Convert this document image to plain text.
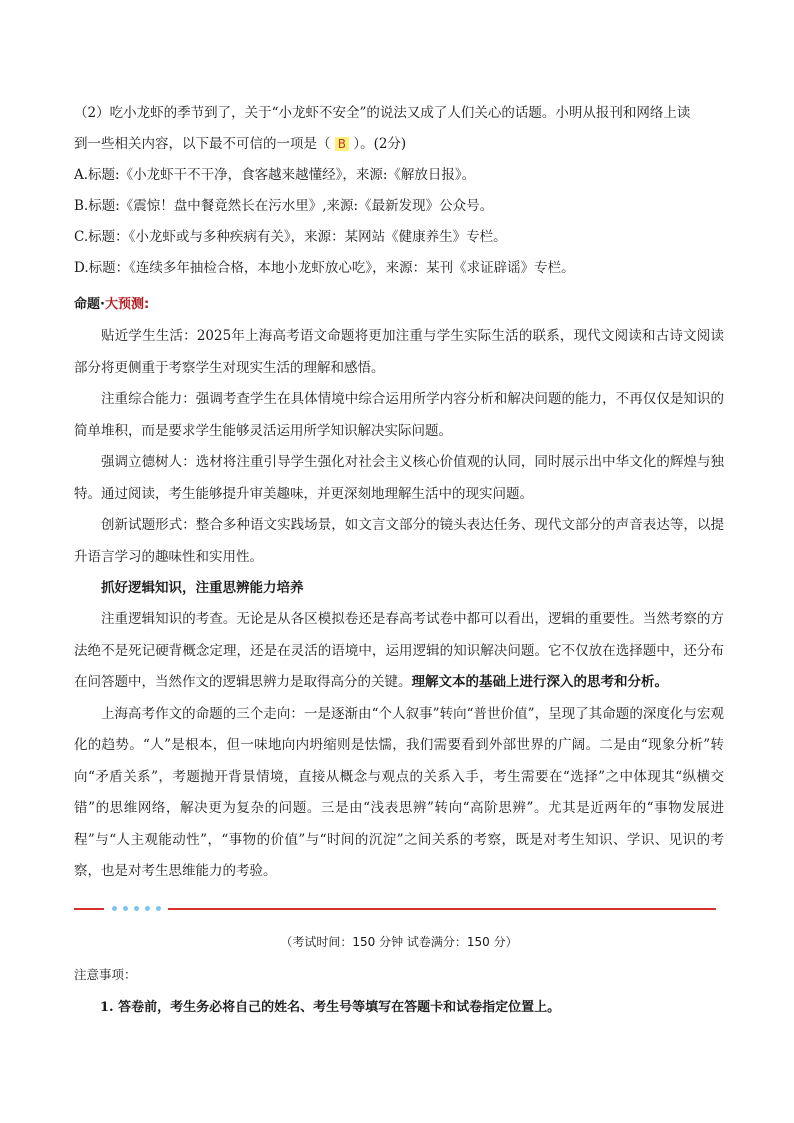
（2）吃小龙虾的季节到了，关于“小龙虾不安全”的说法又成了人们关心的话题。小明从报刊和网络上读
到一些相关内容，以下最不可信的一项是（ B ）。(2分)
A.标题:《小龙虾干不干净，食客越来越懂经》，来源:《解放日报》。
B.标题:《震惊！盘中餐竟然长在污水里》,来源:《最新发现》公众号。
C.标题：《小龙虾或与多种疾病有关》，来源：某网站《健康养生》专栏。
D.标题：《连续多年抽检合格，本地小龙虾放心吃》，来源：某刊《求证辟谣》专栏。
命题·大预测:
贴近学生生活：2025年上海高考语文命题将更加注重与学生实际生活的联系，现代文阅读和古诗文阅读部分将更侧重于考察学生对现实生活的理解和感悟。
注重综合能力：强调考查学生在具体情境中综合运用所学内容分析和解决问题的能力，不再仅仅是知识的简单堆积，而是要求学生能够灵活运用所学知识解决实际问题。
强调立德树人：选材将注重引导学生强化对社会主义核心价值观的认同，同时展示出中华文化的辉煌与独特。通过阅读，考生能够提升审美趣味，并更深刻地理解生活中的现实问题。
创新试题形式：整合多种语文实践场景，如文言文部分的镜头表达任务、现代文部分的声音表达等，以提升语言学习的趣味性和实用性。
抓好逻辑知识，注重思辨能力培养
注重逻辑知识的考查。无论是从各区模拟卷还是春高考试卷中都可以看出，逻辑的重要性。当然考察的方法绝不是死记硬背概念定理，还是在灵活的语境中，运用逻辑的知识解决问题。它不仅放在选择题中，还分布在问答题中，当然作文的逻辑思辨力是取得高分的关键。理解文本的基础上进行深入的思考和分析。
上海高考作文的命题的三个走向：一是逐渐由“个人叙事”转向“普世价值”，呈现了其命题的深度化与宏观化的趋势。“人”是根本，但一味地向内坍缩则是怯懦，我们需要看到外部世界的广阔。二是由“现象分析”转向“矛盾关系”，考题抛开背景情境，直接从概念与观点的关系入手，考生需要在“选择”之中体现其“纵横交错”的思维网络，解决更为复杂的问题。三是由“浅表思辨”转向“高阶思辨”。尤其是近两年的“事物发展进程”与“人主观能动性”，“事物的价值”与“时间的沉淀”之间关系的考察，既是对考生知识、学识、见识的考察，也是对考生思维能力的考验。
（考试时间：150 分钟 试卷满分：150 分）
注意事项：
1. 答卷前，考生务必将自己的姓名、考生号等填写在答题卡和试卷指定位置上。
